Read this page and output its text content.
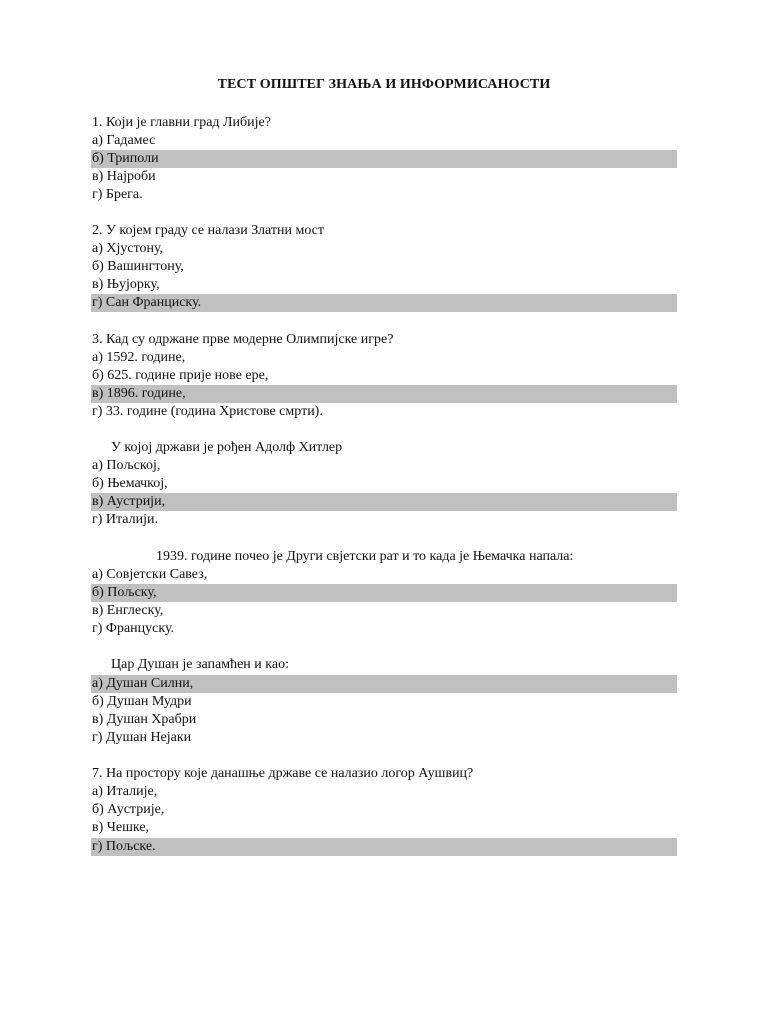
ТЕСТ ОПШТЕГ ЗНАЊА И ИНФОРМИСАНОСТИ
1. Који је главни град Либије?
а) Гадамес
б) Триполи
в) Најроби
г) Брега.
2. У којем граду се налази Златни мост
а) Хјустону,
б) Вашингтону,
в) Њујорку,
г) Сан Франциску.
3. Кад су одржане прве модерне Олимпијске игре?
а) 1592. године,
б) 625. године прије нове ере,
в) 1896. године,
г) 33. године (година Христове смрти).
У којој држави је рођен Адолф Хитлер
а) Пољској,
б) Њемачкој,
в) Аустрији,
г) Италији.
1939. године почео је Други свјетски рат и то када је Њемачка напала:
а) Совјетски Савез,
б) Пољску,
в) Енглеску,
г) Француску.
Цар Душан је запамћен и као:
а) Душан Силни,
б) Душан Мудри
в) Душан Храбри
г) Душан Нејаки
7. На простору које данашње државе се налазио логор Аушвиц?
а) Италије,
б) Аустрије,
в) Чешке,
г) Пољске.
